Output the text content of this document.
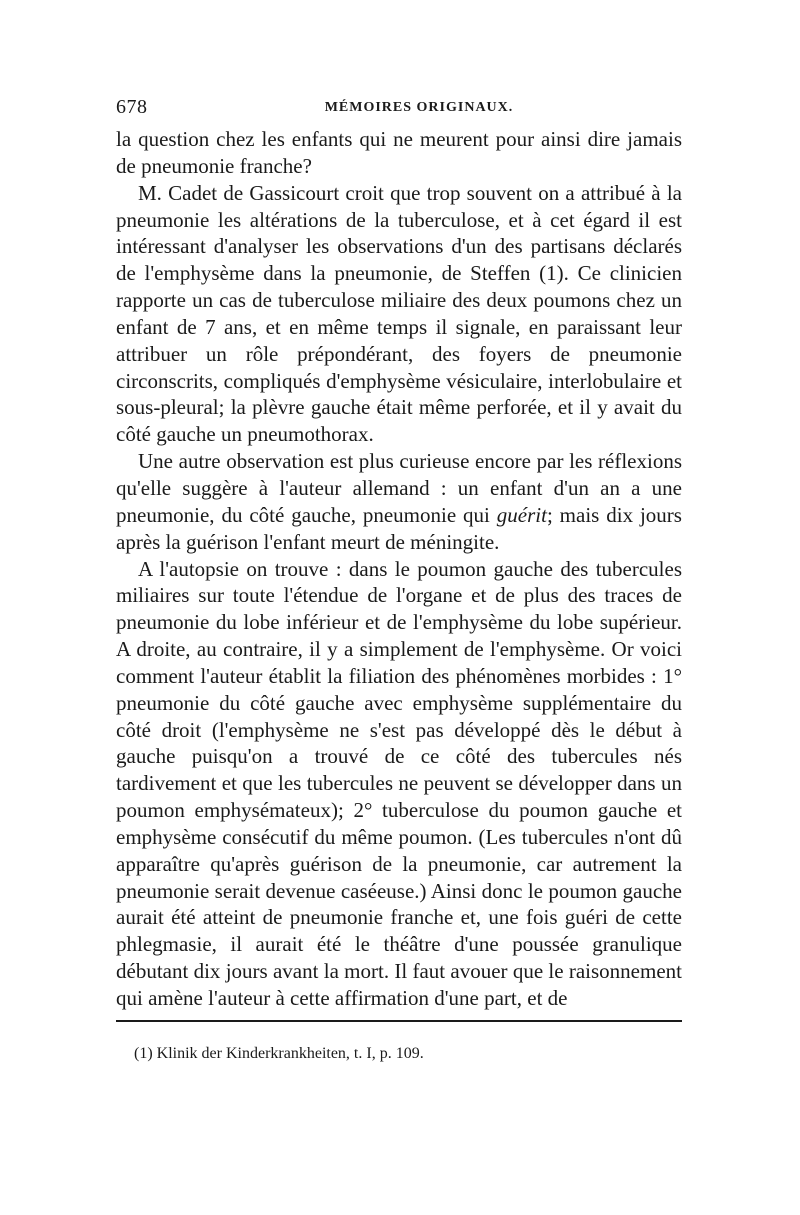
678	MÉMOIRES ORIGINAUX.

la question chez les enfants qui ne meurent pour ainsi dire jamais de pneumonie franche?

M. Cadet de Gassicourt croit que trop souvent on a attribué à la pneumonie les altérations de la tuberculose, et à cet égard il est intéressant d'analyser les observations d'un des partisans déclarés de l'emphysème dans la pneumonie, de Steffen (1). Ce clinicien rapporte un cas de tuberculose miliaire des deux poumons chez un enfant de 7 ans, et en même temps il signale, en paraissant leur attribuer un rôle prépondérant, des foyers de pneumonie circonscrits, compliqués d'emphysème vésiculaire, interlobulaire et sous-pleural; la plèvre gauche était même perforée, et il y avait du côté gauche un pneumothorax.

Une autre observation est plus curieuse encore par les réflexions qu'elle suggère à l'auteur allemand : un enfant d'un an a une pneumonie, du côté gauche, pneumonie qui guérit; mais dix jours après la guérison l'enfant meurt de méningite.

A l'autopsie on trouve : dans le poumon gauche des tubercules miliaires sur toute l'étendue de l'organe et de plus des traces de pneumonie du lobe inférieur et de l'emphysème du lobe supérieur. A droite, au contraire, il y a simplement de l'emphysème. Or voici comment l'auteur établit la filiation des phénomènes morbides : 1° pneumonie du côté gauche avec emphysème supplémentaire du côté droit (l'emphysème ne s'est pas développé dès le début à gauche puisqu'on a trouvé de ce côté des tubercules nés tardivement et que les tubercules ne peuvent se développer dans un poumon emphysémateux); 2° tuberculose du poumon gauche et emphysème consécutif du même poumon. (Les tubercules n'ont dû apparaître qu'après guérison de la pneumonie, car autrement la pneumonie serait devenue caséeuse.) Ainsi donc le poumon gauche aurait été atteint de pneumonie franche et, une fois guéri de cette phlegmasie, il aurait été le théâtre d'une poussée granulique débutant dix jours avant la mort. Il faut avouer que le raisonnement qui amène l'auteur à cette affirmation d'une part, et de

(1) Klinik der Kinderkrankheiten, t. I, p. 109.
